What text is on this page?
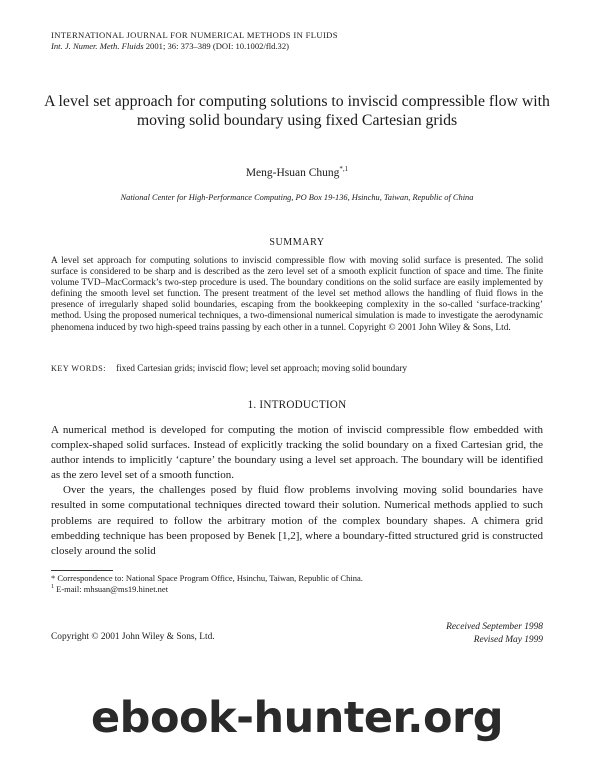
INTERNATIONAL JOURNAL FOR NUMERICAL METHODS IN FLUIDS
Int. J. Numer. Meth. Fluids 2001; 36: 373–389 (DOI: 10.1002/fld.32)
A level set approach for computing solutions to inviscid compressible flow with moving solid boundary using fixed Cartesian grids
Meng-Hsuan Chung$^{*,1}$
National Center for High-Performance Computing, PO Box 19-136, Hsinchu, Taiwan, Republic of China
SUMMARY
A level set approach for computing solutions to inviscid compressible flow with moving solid surface is presented. The solid surface is considered to be sharp and is described as the zero level set of a smooth explicit function of space and time. The finite volume TVD–MacCormack’s two-step procedure is used. The boundary conditions on the solid surface are easily implemented by defining the smooth level set function. The present treatment of the level set method allows the handling of fluid flows in the presence of irregularly shaped solid boundaries, escaping from the bookkeeping complexity in the so-called ‘surface-tracking’ method. Using the proposed numerical techniques, a two-dimensional numerical simulation is made to investigate the aerodynamic phenomena induced by two high-speed trains passing by each other in a tunnel. Copyright © 2001 John Wiley & Sons, Ltd.
KEY WORDS: fixed Cartesian grids; inviscid flow; level set approach; moving solid boundary
1. INTRODUCTION

A numerical method is developed for computing the motion of inviscid compressible flow embedded with complex-shaped solid surfaces. Instead of explicitly tracking the solid boundary on a fixed Cartesian grid, the author intends to implicitly ‘capture’ the boundary using a level set approach. The boundary will be identified as the zero level set of a smooth function.

Over the years, the challenges posed by fluid flow problems involving moving solid boundaries have resulted in some computational techniques directed toward their solution. Numerical methods applied to such problems are required to follow the arbitrary motion of the complex boundary shapes. A chimera grid embedding technique has been proposed by Benek [1,2], where a boundary-fitted structured grid is constructed closely around the solid

* Correspondence to: National Space Program Office, Hsinchu, Taiwan, Republic of China.
$^1$ E-mail: mhsuan@ms19.hinet.net
Received September 1998
Revised May 1999
Copyright © 2001 John Wiley & Sons, Ltd.
ebook-hunter.org
